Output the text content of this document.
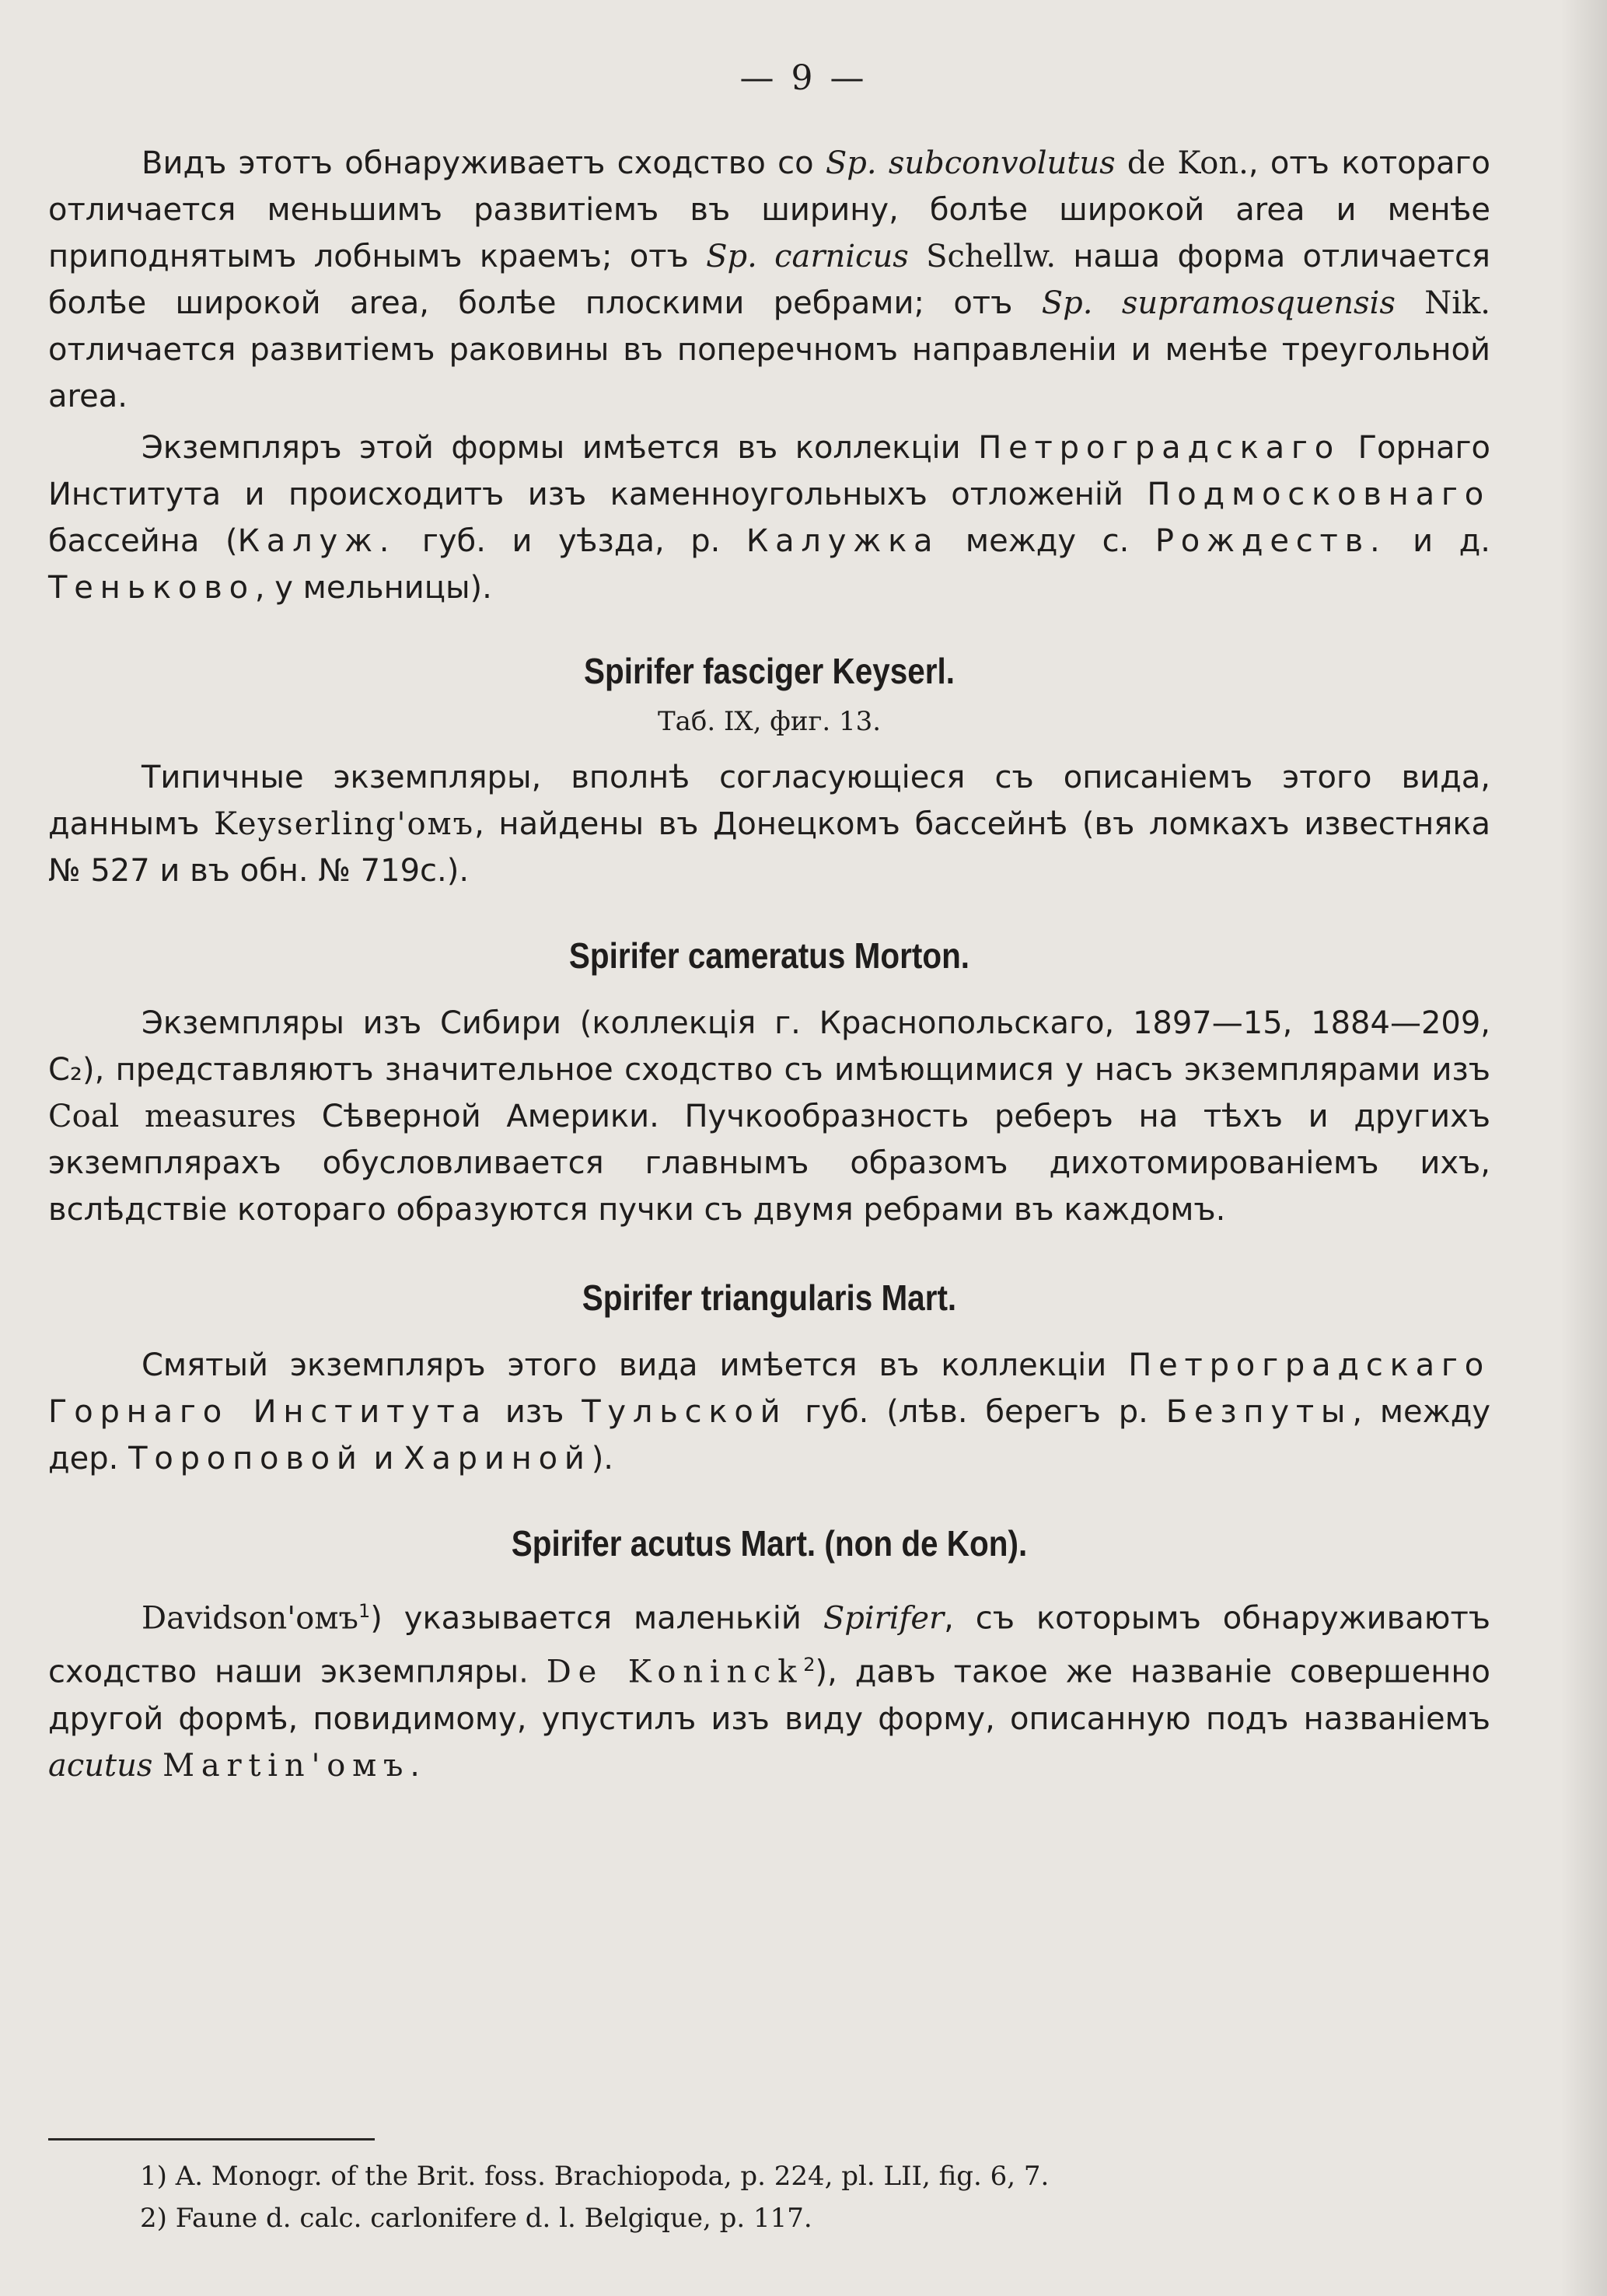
— 9 —

Видъ этотъ обнаруживаетъ сходство со Sp. subconvolutus de Kon., отъ котораго отличается меньшимъ развитіемъ въ ширину, болѣе широкой area и менѣе приподнятымъ лобнымъ краемъ; отъ Sp. carnicus Schellw. наша форма отличается болѣе широкой area, болѣе плоскими ребрами; отъ Sp. supramosquensis Nik. отличается развитіемъ раковины въ поперечномъ направленіи и менѣе треугольной area.

Экземпляръ этой формы имѣется въ коллекціи Петроградскаго Горнаго Института и происходитъ изъ каменноугольныхъ отложеній Подмосковнаго бассейна (Калуж. губ. и уѣзда, р. Калужка между с. Рождеств. и д. Тенькoво, у мельницы).

Spirifer fasciger Keyserl.
Таб. IX, фиг. 13.

Типичные экземпляры, вполнѣ согласующіеся съ описаніемъ этого вида, даннымъ Keyserling'омъ, найдены въ Донецкомъ бассейнѣ (въ ломкахъ известняка № 527 и въ обн. № 719с.).

Spirifer cameratus Morton.

Экземпляры изъ Сибири (коллекція г. Краснопольскаго, 1897—15, 1884—209, C₂), представляютъ значительное сходство съ имѣющимися у насъ экземплярами изъ Coal measures Сѣверной Америки. Пучкообразность реберъ на тѣхъ и другихъ экземплярахъ обусловливается главнымъ образомъ дихотомированіемъ ихъ, вслѣдствіе котораго образуются пучки съ двумя ребрами въ каждомъ.

Spirifer triangularis Mart.

Смятый экземпляръ этого вида имѣется въ коллекціи Петроградскаго Горнаго Института изъ Тульской губ. (лѣв. берегъ р. Безпуты, между дер. Тороповой и Хариной).

Spirifer acutus Mart. (non de Kon).

Davidson'омъ$^1$) указывается маленькій Spirifer, съ которымъ обнаруживаютъ сходство наши экземпляры. De Koninck$^2$), давъ такое же названіе совершенно другой формѣ, повидимому, упустилъ изъ виду форму, описанную подъ названіемъ acutus Martin'омъ.

1) A. Monogr. of the Brit. foss. Brachiopoda, p. 224, pl. LII, fig. 6, 7.

2) Faune d. calc. carlonifere d. l. Belgique, p. 117.
